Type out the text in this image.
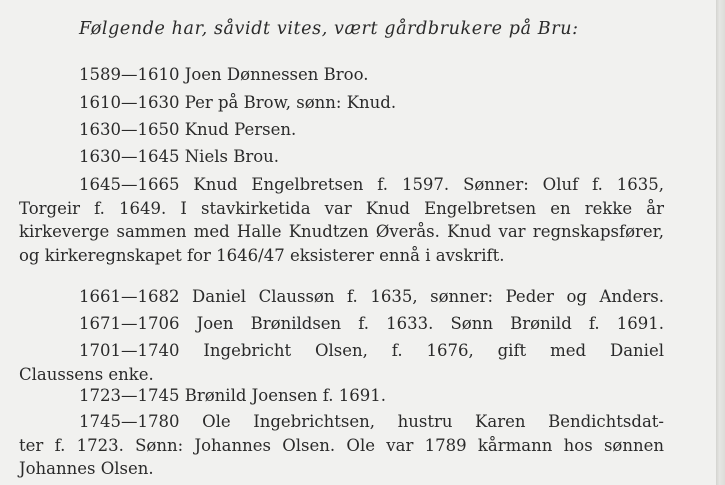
Følgende har, såvidt vites, vært gårdbrukere på Bru:

1589—1610 Joen Dønnessen Broo.

1610—1630 Per på Brow, sønn: Knud.

1630—1650 Knud Persen.

1630—1645 Niels Brou.

1645—1665 Knud Engelbretsen f. 1597. Sønner: Oluf f. 1635,
Torgeir f. 1649. I stavkirketida var Knud Engelbretsen en rekke år kirkeverge sammen med Halle Knudtzen Øverås. Knud var regnskapsfører, og kirkeregnskapet for 1646/47 eksisterer ennå i avskrift.
1661—1682 Daniel Claussøn f. 1635, sønner: Peder og Anders.
1671—1706 Joen Brønildsen f. 1633. Sønn Brønild f. 1691.
1701—1740 Ingebricht Olsen, f. 1676, gift med Daniel
Claussens enke.
1723—1745 Brønild Joensen f. 1691.
1745—1780 Ole Ingebrichtsen, hustru Karen Bendichtsdat-
ter f. 1723. Sønn: Johannes Olsen. Ole var 1789 kårmann hos sønnen Johannes Olsen.
